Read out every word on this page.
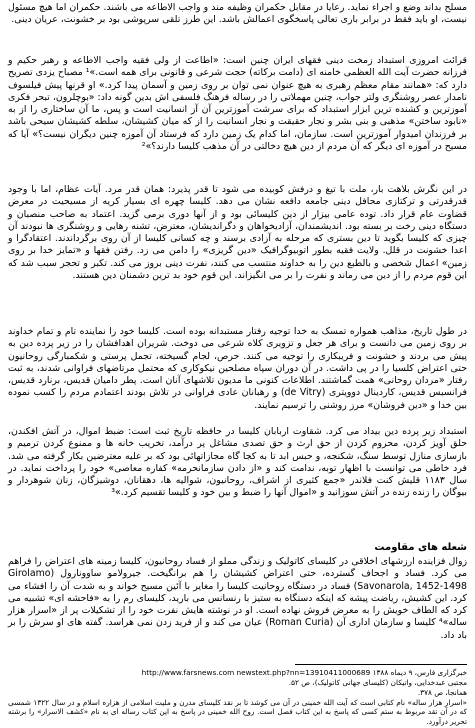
مسلح بداند وضع و اجراء نماید. رعایا در مقابل حکمران وظیفه مند و واجب الاطاعه می باشند. حکمران اما هیچ مسئول نیست، او باید فقط در برابر باری تعالی پاسخگوی اعمالش باشد. این طرز تلقی سرپوشی بود بر خشونت، عریان دینی.

قرائت امروزی استبداد زمخت دینی فقهای ایران چنین است: «اطاعت از ولی فقیه واجب الاطاعه و رهبر حکیم و فرزانه حضرت آیت الله العظمی خامنه ای (دامت برکاته) حجت شرعی و قانونی برای همه است.»¹ مصباح یزدی تصریح دارد که: «همانند مقام معظم رهبری به هیچ عنوان نمی توان بر روی زمین و آسمان پیدا کرد.» او قرنها پیش فیلسوف نامدار عصر روشنگری ولتر جواب، چنین مهملاتی را در رساله فرهنگ فلسفی اش بدین گونه داد: «بوچلرون، تبحر فکری آموزترین و کشنده ترین ابزار استبداد که برای سرشت آموزترین آن آز انسانیت است و پس، ما آن ساختاری را از به «نابود ساختن» مذهبی و بنی بشر و نجار حقیقت و نجار انسانیت را از که میان کشیشان، سلطه کشیشان سیحی باشد بر فرزندان امیدوار آموزترین است. سازمان، اما کدام یک زمین دارد که فرستاد آن آموزه چنین دیگران نیست؟» آیا که مسیح در آموزه ای دیگر که آن مردم از دین هیچ دخالتی در آن مذهب کلیسا دارند؟»²

در این نگرش بلاهت بار، ملت با تیغ و درفش کوبیده می شود تا قدر پذیرد: همان قدر مرد. آیات عظام، اما با وجود قدرقدرتی و ترکتازی محافل دینی جامعه دافعه نشان می دهد. کلیسا چهره ای بسیار کریه از مسیحیت در معرض قضاوت عام قرار داد. توده عامی بیزار از دین کلیسائی بود و از آنها دوری برمی گزید. اعتماد به صاحب منصبان و دستگاه دینی رخت بر بسته بود. اندیشمندان، آزادیخواهان و دگراندیشان، معترض، تشنه رهایی و روشنگری ها نبودند آن چیزی که کلیسا بگوید تا دین بستری که مرحله به آزادی برسند و چه کسانی کلیسا از آن روی برگرداندند. اعتقادگرا و اعدا خشونت در قلل. ولایت فقیه بطور اتوبیوگرافیک «دین گریزی» را دامن می زد. رفتن فقها و «تمایز خدا بر روی زمین» اعمال شخصی و بالطبع دین را به خداوند منتسب می کنند، نفرت دینی بروز می کند. تکبر و تحجر سبب شد که این قوم مردم را از دین می رماند و نفرت را بر می انگیزاند. این قوم خود بد ترین دشمنان دین هستند.

در طول تاریخ، مذاهب همواره تمسک به خدا توجیه رفتار مستبدانه بوده است. کلیسا خود را نماینده تام و تمام خداوند بر روی زمین می دانست و برای هر جعل و تزویری کلاه شرعی می دوخت. شریران اهدافشان را در زیر پرده دین به پیش می بردند و خشونت و فریبکاری را توجیه می کنند. حرص، لجام گسیخته، تجمل پرستی و شکمبارگی روحانیون حتی اعتراض کلسیا را در پی داشت. در آن دوران سپاه مصلحین نیکوکاری که محتمل مرتاضهای فراوانی شدند، به ثبت رفتار «مردان روحانی» همت گماشتند. اطلاعات کنونی ما مدیون تلاشهای آنان است. پطر دامیان قدیس، برنارد قدیس، فرانسیس قدیس، کاردینال دوویتری (de Vitry) و رهبانان عادی فراوانی در تلاش بودند اعتمادم مردم را کسب نموده بین خدا و «دین فروشان» مرز روشنی را ترسیم نمایند.

استبداد زیر پرده دین بیداد می کرد. شقاوت اربابان کلیسا در حافظه تاریخ ثبت است: ضبط اموال، در آتش افکندن، حلق آویز کردن، محروم کردن از حق ارث و حق تصدی مشاغل پر درآمد، تخریب خانه ها و ممنوع کردن ترمیم و بازسازی منازل توسط سنگ، شکنجه، و حبس ابد تا به کجا گاه مجازاتهائی بود که بر علیه معترضین بکار گرفته می شد. فرد خاطی می توانست با اظهار توبه، ندامت کند و «از دادن سازمانحرمه» کفاره معاصی» خود را پرداخت نماید. در سال ۱۱۸۳ قلیش کنت فلاندر «جمع کثیری از اشراف، روحانیون، شوالیه ها، دهقانان، دوشیزگان، زنان شوهردار و بیوگان را زنده زنده در آتش سوزانید و «اموال آنها را ضبط و بین خود و کلیسا تقسیم کرد.»³

شعله های مقاومت

زوال فزاینده ارزشهای اخلاقی در کلیسای کاتولیک و زندگی مملو از فساد روحانیون، کلیسا زمینه های اعتراض را فراهم می کرد. فساد و اجحاف گسترده، حتی اعتراض کشیشان را هم برانگیخت. جیرولامو ساوونارول (Girolamo Savonarola, 1452-1498) فساد در دستگاه روحانیت کلیسا را مغایر با آئین مسیح خواند و به شدت آن را افشاء می کرد. این کشیش، ریاضت پیشه که اینکه دستگاه به ستیز با رنسانس می بارید، کلیسای رم را به «فاحشه ای» تشبیه می کرد که الطاف خویش را به معرض فروش نهاده است. او در نوشته هایش نفرت خود را از تشکیلات پر از «اسرار هزار ساله»⁴ کلیسا و سازمان اداری آن (Roman Curia) عیان می کند و از فرید زدن نمی هراسد. گفته های او سرش را بر باد داد.

خبرگزاری فارس، ۹ دیماه ۱۳۸۸ http://www.farsnews.com newstext.php?nn=13910411000689

مجتبی عبدخدایی، واتیکان (کلیسای جهانی کاتولیک)، ص ۵۲.

همانجا، ص ۳۷۸.

«اسرار هزار ساله» نام کتابی است که آیت الله خمینی در آن می کوشد تا بر نقد کلیسای مدرن و ملیت اسلامی از هزاره اسلام و در سال ۱۳۲۲ شمسی که در آن تقد مربوط به ستم کسی که پاسخ به این کتاب فصل است. روح الله خمینی در پاسخ به این کتاب رساله ای به نام «کشف الاسرار» را برشته تحریر درآورد.
